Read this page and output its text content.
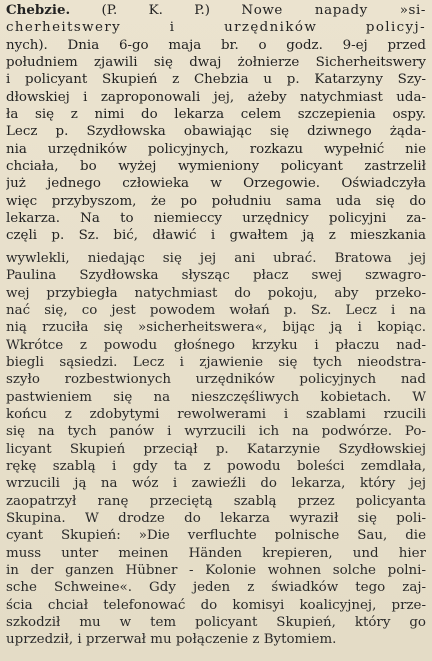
Chebzie. (P. K. P.) Nowe napady »si-
cherheitswery i urzędników policyj-
nych). Dnia 6-go maja br. o godz. 9-ej przed
południem zjawili się dwaj żołnierze Sicherheitswery
i policyant Skupień z Chebzia u p. Katarzyny Szy-
dłowskiej i zaproponowali jej, ażeby natychmiast uda-
ła się z nimi do lekarza celem szczepienia ospy.
Lecz p. Szydłowska obawiając się dziwnego żąda-
nia urzędników policyjnych, rozkazu wypełnić nie
chciała, bo wyżej wymieniony policyant zastrzelił
już jednego człowieka w Orzegowie. Oświadczyła
więc przybyszom, że po południu sama uda się do
lekarza. Na to niemieccy urzędnicy policyjni za-
częli p. Sz. bić, dławić i gwałtem ją z mieszkania
wywlekli, niedając się jej ani ubrać. Bratowa jej
Paulina Szydłowska słysząc płacz swej szwagro-
wej przybiegła natychmiast do pokoju, aby przeko-
nać się, co jest powodem wołań p. Sz. Lecz i na
nią rzuciła się »sicherheitswera«, bijąc ją i kopiąc.
Wkrótce z powodu głośnego krzyku i płaczu nad-
biegli sąsiedzi. Lecz i zjawienie się tych nieodstra-
szyło rozbestwionych urzędników policyjnych nad
pastwieniem się na nieszczęśliwych kobietach. W
końcu z zdobytymi rewolwerami i szablami rzucili
się na tych panów i wyrzucili ich na podwórze. Po-
licyant Skupień przeciął p. Katarzynie Szydłowskiej
rękę szablą i gdy ta z powodu boleści zemdlała,
wrzucili ją na wóz i zawieźli do lekarza, który jej
zaopatrzył ranę przeciętą szablą przez policyanta
Skupina. W drodze do lekarza wyraził się poli-
cyant Skupień: »Die verfluchte polnische Sau, die
muss unter meinen Händen krepieren, und hier
in der ganzen Hübner - Kolonie wohnen solche polni-
sche Schweine«. Gdy jeden z świadków tego zaj-
ścia chciał telefonować do komisyi koalicyjnej, prze-
szkodził mu w tem policyant Skupień, który go
uprzedził, i przerwał mu połączenie z Bytomiem.
